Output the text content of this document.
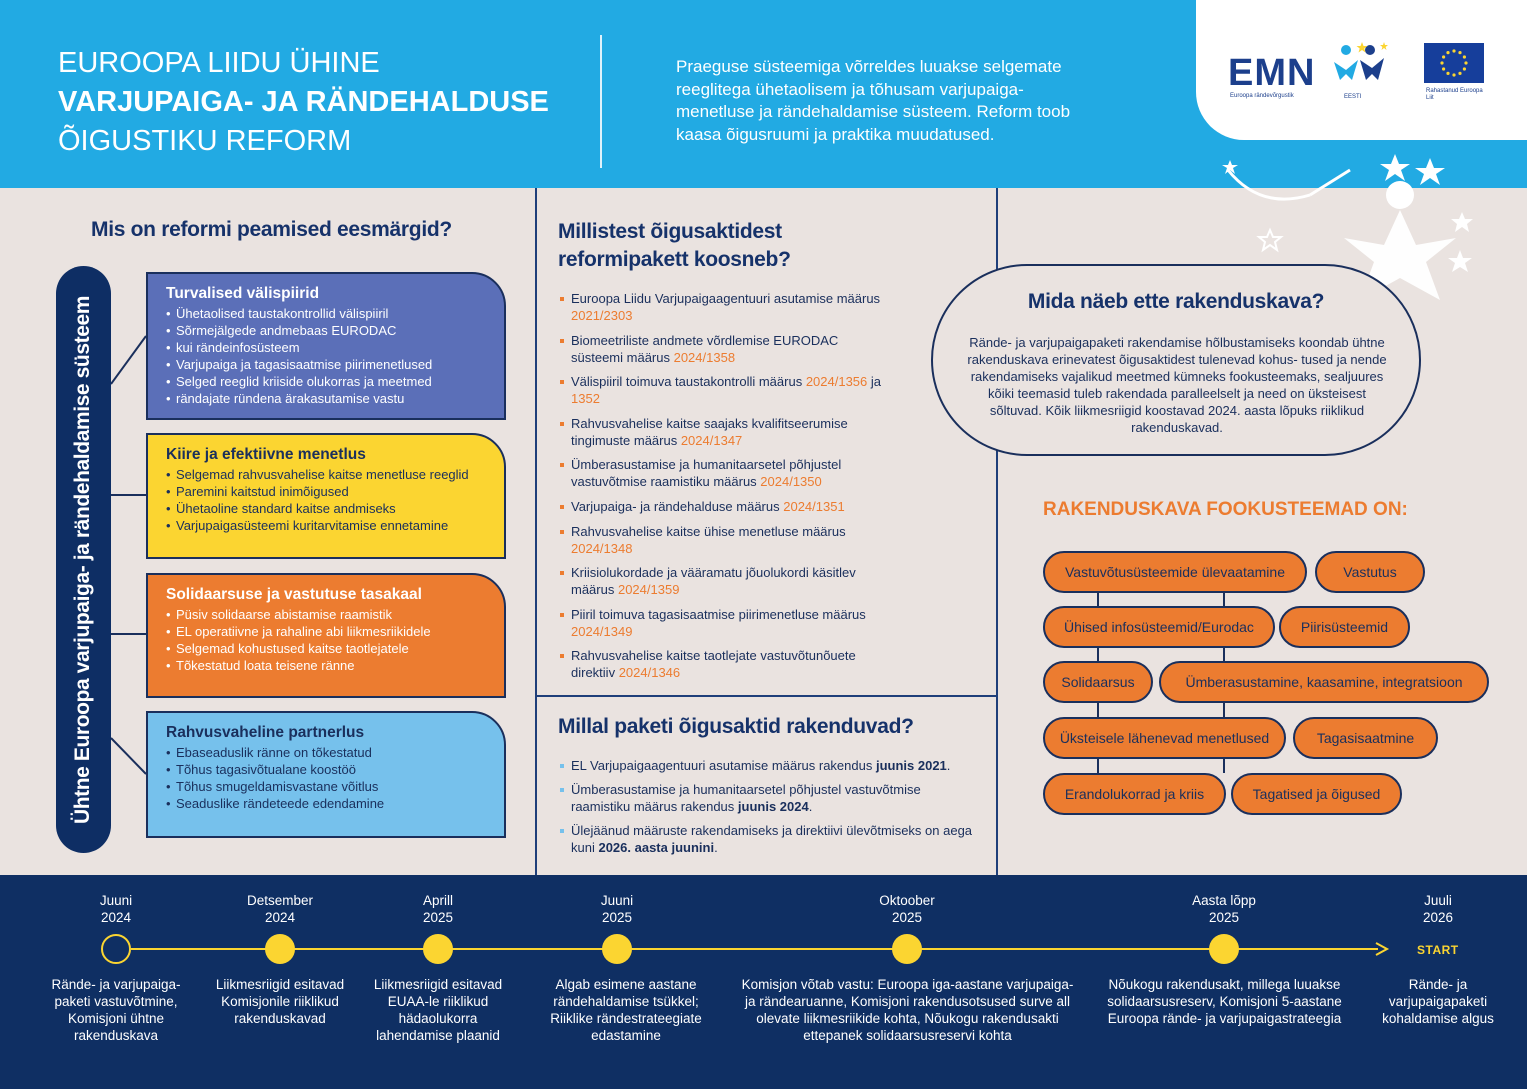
EUROOPA LIIDU ÜHINE
VARJUPAIGA- JA RÄNDEHALDUSE
ÕIGUSTIKU REFORM
Praeguse süsteemiga võrreldes luuakse selgemate reeglitega ühetaolisem ja tõhusam varjupaiga- menetluse ja rändehaldamise süsteem. Reform toob kaasa õigusruumi ja praktika muudatused.
EMN
Euroopa rändevõrgustik	EESTI
Rahastanud Euroopa Liit
Mis on reformi peamised eesmärgid?
Ühtne Euroopa varjupaiga- ja rändehaldamise süsteem
Turvalised välispiirid
• Ühetaolised taustakontrollid välispiiril
• Sõrmejälgede andmebaas EURODAC
• kui rändeinfosüsteem
• Varjupaiga ja tagasisaatmise piirimenetlused
• Selged reeglid kriiside olukorras ja meetmed
• rändajate ründena ärakasutamise vastu
Kiire ja efektiivne menetlus
• Selgemad rahvusvahelise kaitse menetluse reeglid
• Paremini kaitstud inimõigused
• Ühetaoline standard kaitse andmiseks
• Varjupaigasüsteemi kuritarvitamise ennetamine
Solidaarsuse ja vastutuse tasakaal
• Püsiv solidaarse abistamise raamistik
• EL operatiivne ja rahaline abi liikmesriikidele
• Selgemad kohustused kaitse taotlejatele
• Tõkestatud loata teisene ränne
Rahvusvaheline partnerlus
• Ebaseaduslik ränne on tõkestatud
• Tõhus tagasivõtualane koostöö
• Tõhus smugeldamisvastane võitlus
• Seaduslike rändeteede edendamine
Millistest õigusaktidest
reformipakett koosneb?
Euroopa Liidu Varjupaigaagentuuri asutamise määrus 2021/2303
Biomeetriliste andmete võrdlemise EURODAC süsteemi määrus 2024/1358
Välispiiril toimuva taustakontrolli määrus 2024/1356 ja 1352
Rahvusvahelise kaitse saajaks kvalifitseerumise tingimuste määrus 2024/1347
Ümberasustamise ja humanitaarsetel põhjustel vastuvõtmise raamistiku määrus 2024/1350
Varjupaiga- ja rändehalduse määrus 2024/1351
Rahvusvahelise kaitse ühise menetluse määrus 2024/1348
Kriisiolukordade ja vääramatu jõuolukordi käsitlev määrus 2024/1359
Piiril toimuva tagasisaatmise piirimenetluse määrus 2024/1349
Rahvusvahelise kaitse taotlejate vastuvõtunõuete direktiiv 2024/1346
Millal paketi õigusaktid rakenduvad?
EL Varjupaigaagentuuri asutamise määrus rakendus juunis 2021.
Ümberasustamise ja humanitaarsetel põhjustel vastuvõtmise raamistiku määrus rakendus juunis 2024.
Ülejäänud määruste rakendamiseks ja direktiivi ülevõtmiseks on aega kuni 2026. aasta juunini.
Mida näeb ette rakenduskava?
Rände- ja varjupaigapaketi rakendamise hõlbustamiseks koondab ühtne rakenduskava erinevatest õigusaktidest tulenevad kohus- tused ja nende rakendamiseks vajalikud meetmed kümneks fookusteemaks, sealjuures kõiki teemasid tuleb rakendada paralleelselt ja need on üksteisest sõltuvad. Kõik liikmesriigid koostavad 2024. aasta lõpuks riiklikud rakenduskavad.
RAKENDUSKAVA FOOKUSTEEMAD ON:
Vastuvõtusüsteemide ülevaatamine	Vastutus
Ühised infosüsteemid/Eurodac	Piirisüsteemid
Solidaarsus	Ümberasustamine, kaasamine, integratsioon
Üksteisele lähenevad menetlused	Tagasisaatmine
Erandolukorrad ja kriis	Tagatised ja õigused
START
Juuni
2024
Rände- ja varjupaiga- paketi vastuvõtmine, Komisjoni ühtne rakenduskava
Detsember
2024
Liikmesriigid esitavad Komisjonile riiklikud rakenduskavad
Aprill
2025
Liikmesriigid esitavad EUAA-le riiklikud hädaolukorra lahendamise plaanid
Juuni
2025
Algab esimene aastane rändehaldamise tsükkel; Riiklike rändestrateegiate edastamine
Oktoober
2025
Komisjon võtab vastu: Euroopa iga-aastane varjupaiga- ja rändearuanne, Komisjoni rakendusotsused surve all olevate liikmesriikide kohta, Nõukogu rakendusakti ettepanek solidaarsusreservi kohta
Aasta lõpp
2025
Nõukogu rakendusakt, millega luuakse solidaarsusreserv, Komisjoni 5-aastane Euroopa rände- ja varjupaigastrateegia
Juuli
2026
Rände- ja varjupaigapaketi kohaldamise algus
